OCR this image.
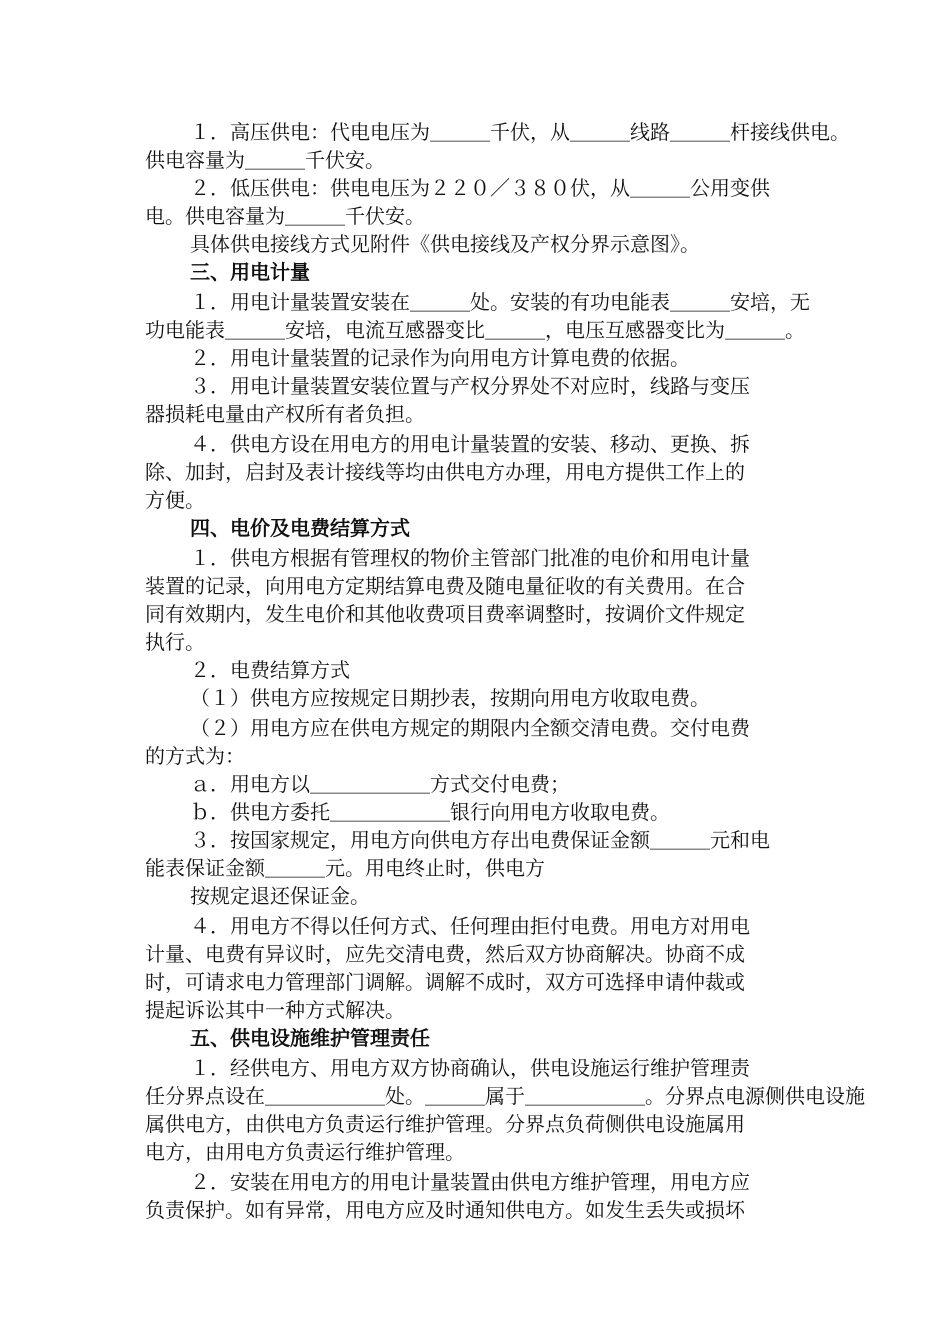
１．高压供电：代电电压为＿＿＿千伏，从＿＿＿线路＿＿＿杆接线供电。
供电容量为＿＿＿千伏安。
２．低压供电：供电电压为２２０／３８０伏，从＿＿＿公用变供
电。供电容量为＿＿＿千伏安。
具体供电接线方式见附件《供电接线及产权分界示意图》。
三、用电计量
１．用电计量装置安装在＿＿＿处。安装的有功电能表＿＿＿安培，无
功电能表＿＿＿安培，电流互感器变比＿＿＿，电压互感器变比为＿＿＿。
２．用电计量装置的记录作为向用电方计算电费的依据。
３．用电计量装置安装位置与产权分界处不对应时，线路与变压
器损耗电量由产权所有者负担。
４．供电方设在用电方的用电计量装置的安装、移动、更换、拆
除、加封，启封及表计接线等均由供电方办理，用电方提供工作上的
方便。
四、电价及电费结算方式
１．供电方根据有管理权的物价主管部门批准的电价和用电计量
装置的记录，向用电方定期结算电费及随电量征收的有关费用。在合
同有效期内，发生电价和其他收费项目费率调整时，按调价文件规定
执行。
２．电费结算方式
（１）供电方应按规定日期抄表，按期向用电方收取电费。
（２）用电方应在供电方规定的期限内全额交清电费。交付电费
的方式为：
ａ．用电方以＿＿＿＿＿＿方式交付电费；
ｂ．供电方委托＿＿＿＿＿＿银行向用电方收取电费。
３．按国家规定，用电方向供电方存出电费保证金额＿＿＿元和电
能表保证金额＿＿＿元。用电终止时，供电方
按规定退还保证金。
４．用电方不得以任何方式、任何理由拒付电费。用电方对用电
计量、电费有异议时，应先交清电费，然后双方协商解决。协商不成
时，可请求电力管理部门调解。调解不成时，双方可选择申请仲裁或
提起诉讼其中一种方式解决。
五、供电设施维护管理责任
１．经供电方、用电方双方协商确认，供电设施运行维护管理责
任分界点设在＿＿＿＿＿＿处。＿＿＿属于＿＿＿＿＿＿。分界点电源侧供电设施
属供电方，由供电方负责运行维护管理。分界点负荷侧供电设施属用
电方，由用电方负责运行维护管理。
２．安装在用电方的用电计量装置由供电方维护管理，用电方应
负责保护。如有异常，用电方应及时通知供电方。如发生丢失或损坏
